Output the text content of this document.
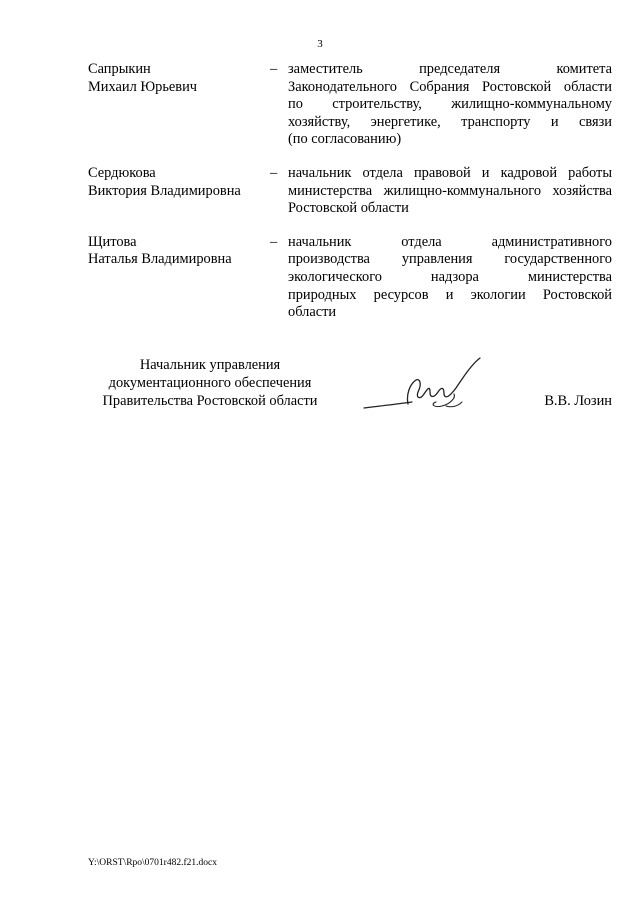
3
Сапрыкин
Михаил Юрьевич
– заместитель председателя комитета
Законодательного Собрания Ростовской области
по строительству, жилищно-коммунальному
хозяйству, энергетике, транспорту и связи
(по согласованию)
Сердюкова
Виктория Владимировна
– начальник отдела правовой и кадровой работы
министерства жилищно-коммунального хозяйства
Ростовской области
Щитова
Наталья Владимировна
– начальник отдела административного
производства управления государственного
экологического надзора министерства
природных ресурсов и экологии Ростовской
области
Начальник управления
документационного обеспечения
Правительства Ростовской области	В.В. Лозин
Y:\ORST\Rpo\0701r482.f21.docx
